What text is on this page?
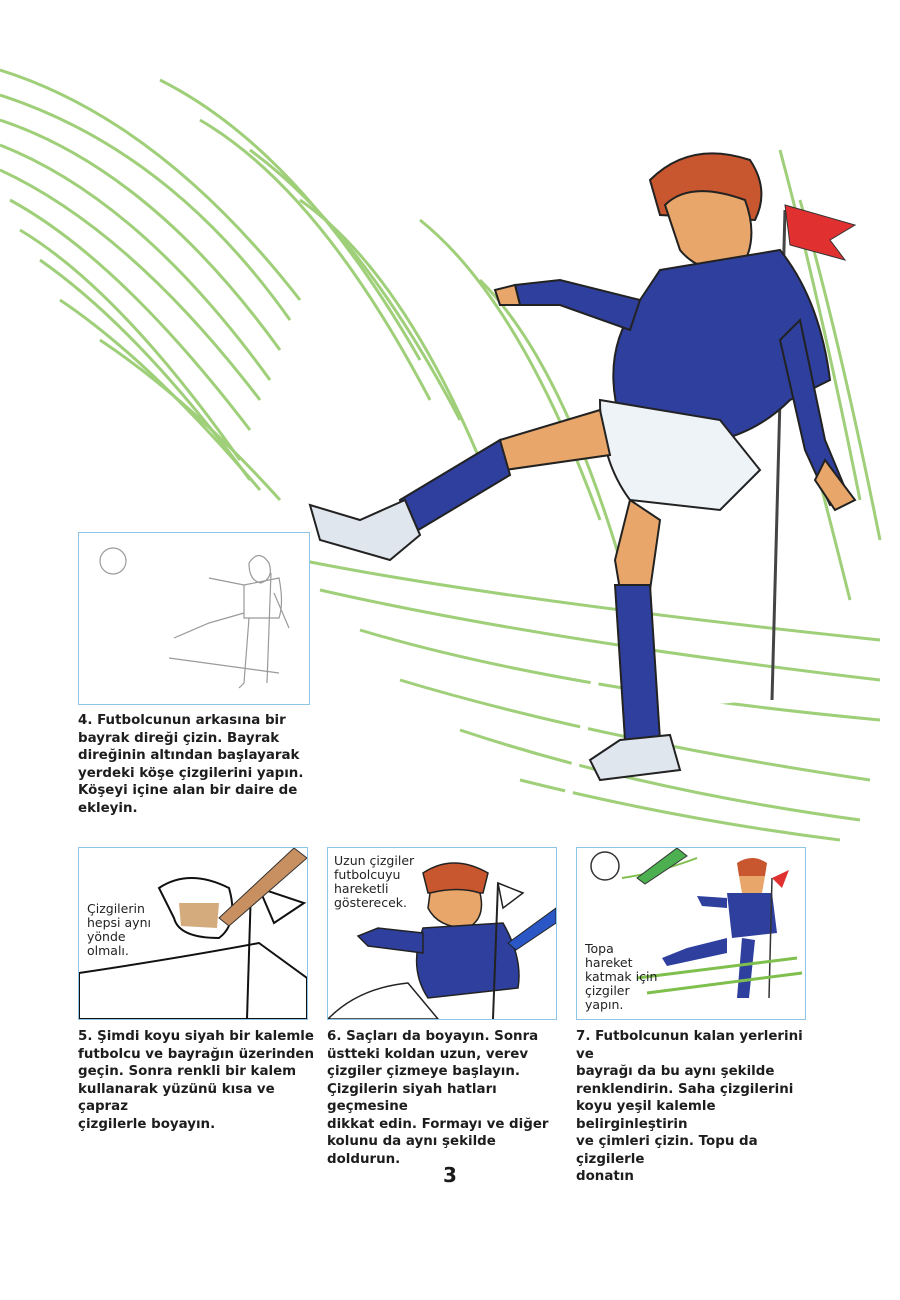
4. Futbolcunun arkasına bir
bayrak direği çizin. Bayrak
direğinin altından başlayarak
yerdeki köşe çizgilerini yapın.
Köşeyi içine alan bir daire de
ekleyin.
Çizgilerin
hepsi aynı
yönde
olmalı.
5. Şimdi koyu siyah bir kalemle
futbolcu ve bayrağın üzerinden
geçin. Sonra renkli bir kalem
kullanarak yüzünü kısa ve çapraz
çizgilerle boyayın.
Uzun çizgiler
futbolcuyu
hareketli
gösterecek.
6. Saçları da boyayın. Sonra
üstteki koldan uzun, verev
çizgiler çizmeye başlayın.
Çizgilerin siyah hatları geçmesine
dikkat edin. Formayı ve diğer
kolunu da aynı şekilde doldurun.
Topa
hareket
katmak için
çizgiler
yapın.
7. Futbolcunun kalan yerlerini ve
bayrağı da bu aynı şekilde
renklendirin. Saha çizgilerini
koyu yeşil kalemle belirginleştirin
ve çimleri çizin. Topu da çizgilerle
donatın
3
